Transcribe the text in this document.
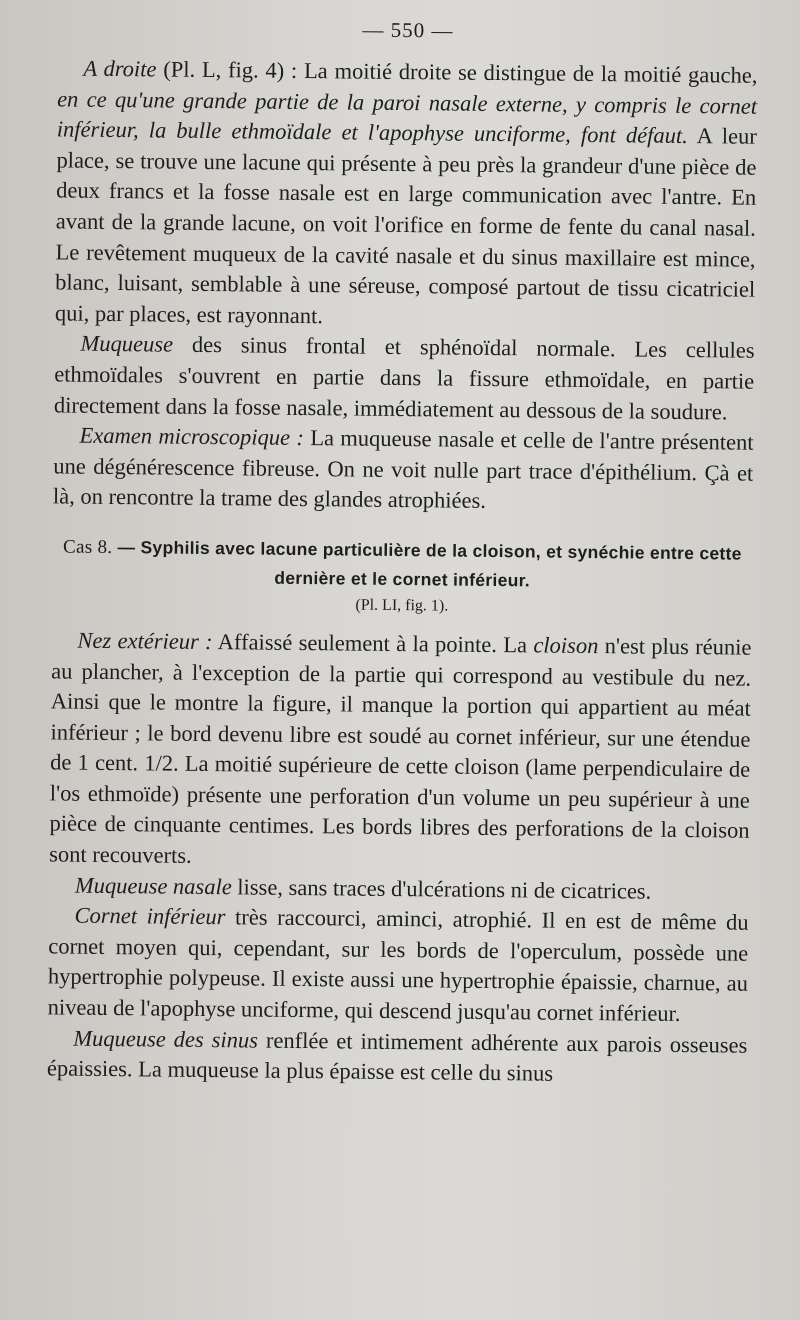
— 550 —

A droite (Pl. L, fig. 4) : La moitié droite se distingue de la moitié gauche, en ce qu'une grande partie de la paroi nasale externe, y compris le cornet inférieur, la bulle ethmoïdale et l'apophyse unciforme, font défaut. A leur place, se trouve une lacune qui présente à peu près la grandeur d'une pièce de deux francs et la fosse nasale est en large communication avec l'antre. En avant de la grande lacune, on voit l'orifice en forme de fente du canal nasal. Le revêtement muqueux de la cavité nasale et du sinus maxillaire est mince, blanc, luisant, semblable à une séreuse, composé partout de tissu cicatriciel qui, par places, est rayonnant.

Muqueuse des sinus frontal et sphénoïdal normale. Les cellules ethmoïdales s'ouvrent en partie dans la fissure ethmoïdale, en partie directement dans la fosse nasale, immédiatement au dessous de la soudure.

Examen microscopique : La muqueuse nasale et celle de l'antre présentent une dégénérescence fibreuse. On ne voit nulle part trace d'épithélium. Çà et là, on rencontre la trame des glandes atrophiées.

Cas 8. — Syphilis avec lacune particulière de la cloison, et synéchie entre cette dernière et le cornet inférieur.
(Pl. LI, fig. 1).

Nez extérieur : Affaissé seulement à la pointe. La cloison n'est plus réunie au plancher, à l'exception de la partie qui correspond au vestibule du nez. Ainsi que le montre la figure, il manque la portion qui appartient au méat inférieur ; le bord devenu libre est soudé au cornet inférieur, sur une étendue de 1 cent. 1/2. La moitié supérieure de cette cloison (lame perpendiculaire de l'os ethmoïde) présente une perforation d'un volume un peu supérieur à une pièce de cinquante centimes. Les bords libres des perforations de la cloison sont recouverts.

Muqueuse nasale lisse, sans traces d'ulcérations ni de cicatrices.

Cornet inférieur très raccourci, aminci, atrophié. Il en est de même du cornet moyen qui, cependant, sur les bords de l'operculum, possède une hypertrophie polypeuse. Il existe aussi une hypertrophie épaissie, charnue, au niveau de l'apophyse unciforme, qui descend jusqu'au cornet inférieur.

Muqueuse des sinus renflée et intimement adhérente aux parois osseuses épaissies. La muqueuse la plus épaisse est celle du sinus
